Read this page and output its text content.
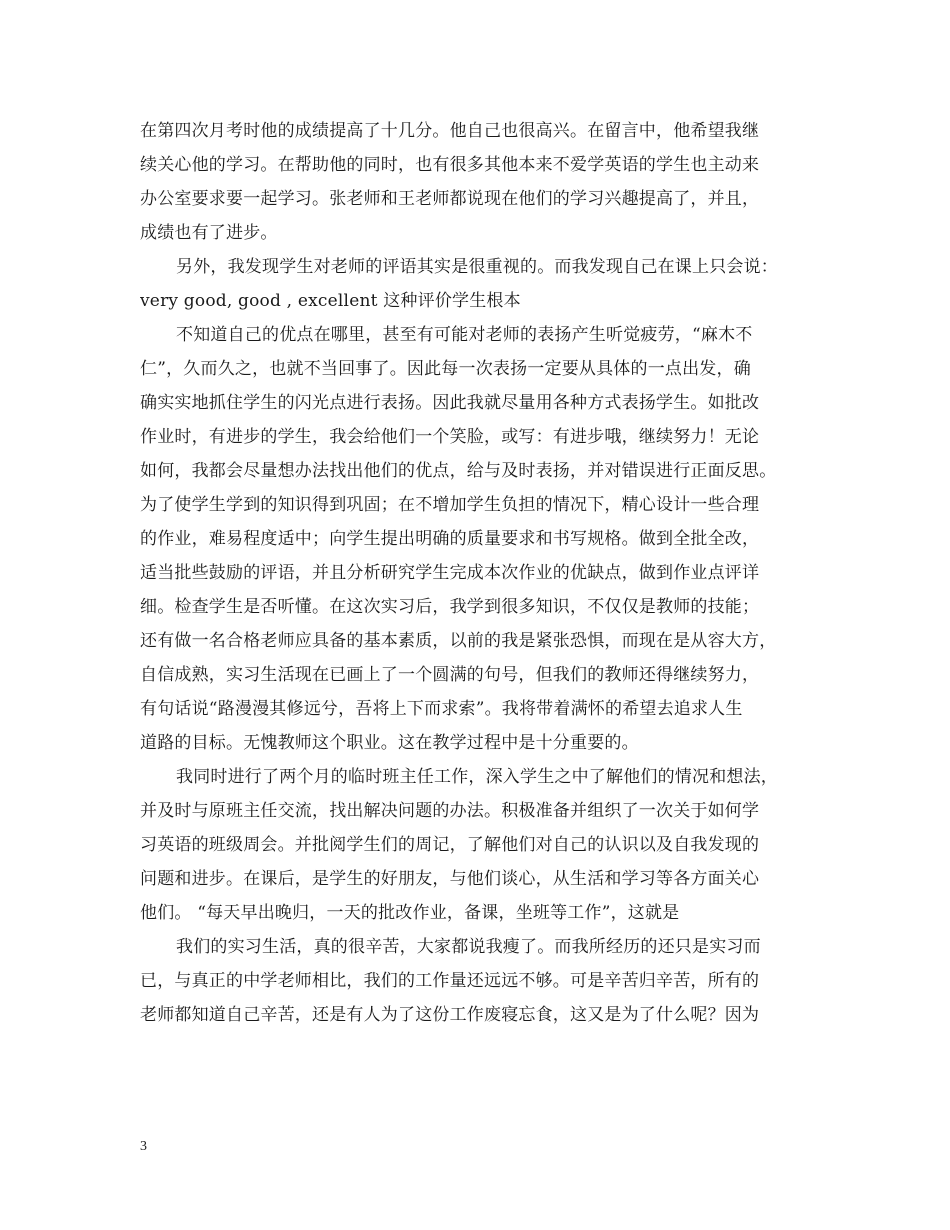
在第四次月考时他的成绩提高了十几分。他自己也很高兴。在留言中，他希望我继
续关心他的学习。在帮助他的同时，也有很多其他本来不爱学英语的学生也主动来
办公室要求要一起学习。张老师和王老师都说现在他们的学习兴趣提高了，并且，
成绩也有了进步。
另外，我发现学生对老师的评语其实是很重视的。而我发现自己在课上只会说：
very good, good , excellent 这种评价学生根本
不知道自己的优点在哪里，甚至有可能对老师的表扬产生听觉疲劳，“麻木不
仁”，久而久之，也就不当回事了。因此每一次表扬一定要从具体的一点出发，确
确实实地抓住学生的闪光点进行表扬。因此我就尽量用各种方式表扬学生。如批改
作业时，有进步的学生，我会给他们一个笑脸，或写：有进步哦，继续努力！无论
如何，我都会尽量想办法找出他们的优点，给与及时表扬，并对错误进行正面反思。
为了使学生学到的知识得到巩固；在不增加学生负担的情况下，精心设计一些合理
的作业，难易程度适中；向学生提出明确的质量要求和书写规格。做到全批全改，
适当批些鼓励的评语，并且分析研究学生完成本次作业的优缺点，做到作业点评详
细。检查学生是否听懂。在这次实习后，我学到很多知识，不仅仅是教师的技能；
还有做一名合格老师应具备的基本素质，以前的我是紧张恐惧，而现在是从容大方，
自信成熟，实习生活现在已画上了一个圆满的句号，但我们的教师还得继续努力，
有句话说“路漫漫其修远兮，吾将上下而求索”。我将带着满怀的希望去追求人生
道路的目标。无愧教师这个职业。这在教学过程中是十分重要的。
我同时进行了两个月的临时班主任工作，深入学生之中了解他们的情况和想法，
并及时与原班主任交流，找出解决问题的办法。积极准备并组织了一次关于如何学
习英语的班级周会。并批阅学生们的周记，了解他们对自己的认识以及自我发现的
问题和进步。在课后，是学生的好朋友，与他们谈心，从生活和学习等各方面关心
他们。 “每天早出晚归，一天的批改作业，备课，坐班等工作”，这就是
我们的实习生活，真的很辛苦，大家都说我瘦了。而我所经历的还只是实习而
已，与真正的中学老师相比，我们的工作量还远远不够。可是辛苦归辛苦，所有的
老师都知道自己辛苦，还是有人为了这份工作废寝忘食，这又是为了什么呢？因为
3
